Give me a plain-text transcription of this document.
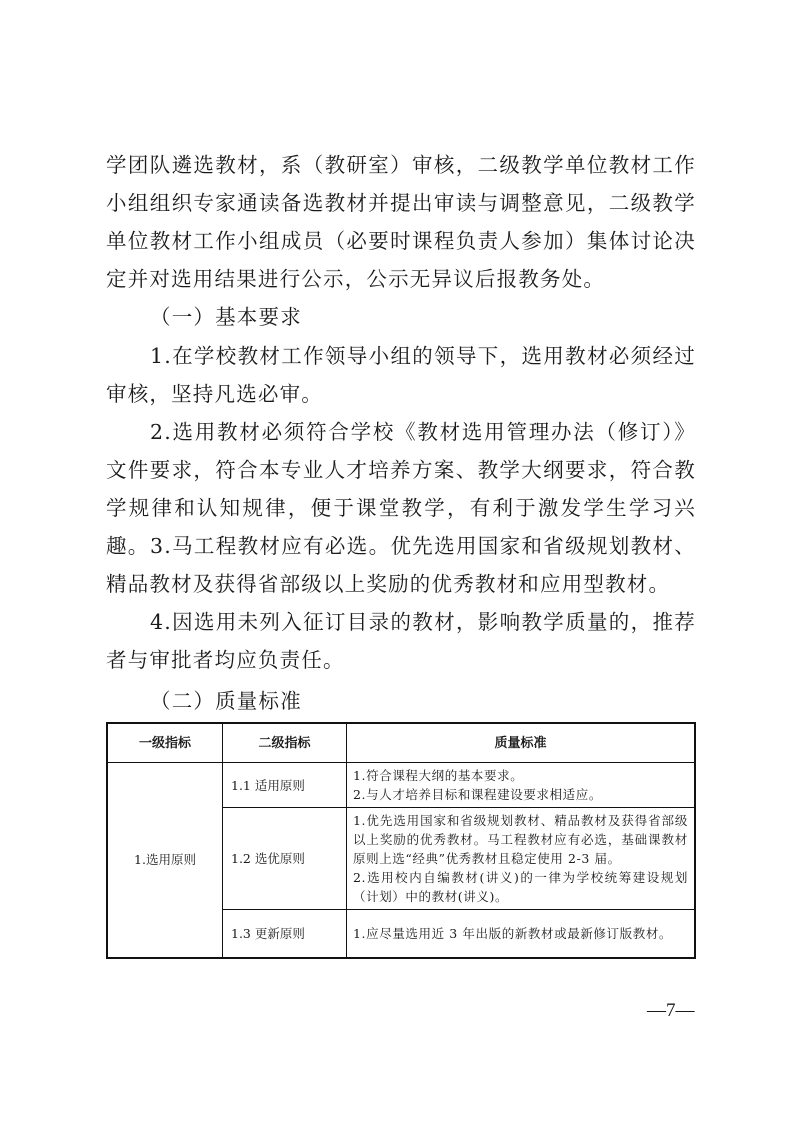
学团队遴选教材，系（教研室）审核，二级教学单位教材工作小组组织专家通读备选教材并提出审读与调整意见，二级教学单位教材工作小组成员（必要时课程负责人参加）集体讨论决定并对选用结果进行公示，公示无异议后报教务处。
（一）基本要求
1.在学校教材工作领导小组的领导下，选用教材必须经过审核，坚持凡选必审。
2.选用教材必须符合学校《教材选用管理办法（修订）》文件要求，符合本专业人才培养方案、教学大纲要求，符合教学规律和认知规律，便于课堂教学，有利于激发学生学习兴趣。 3.马工程教材应有必选。优先选用国家和省级规划教材、精品教材及获得省部级以上奖励的优秀教材和应用型教材。
4.因选用未列入征订目录的教材，影响教学质量的，推荐者与审批者均应负责任。
（二）质量标准
一级指标	二级指标	质量标准
1.选用原则	1.1 适用原则	1.符合课程大纲的基本要求。
2.与人才培养目标和课程建设要求相适应。

	1.2 选优原则	1.优先选用国家和省级规划教材、精品教材及获得省部级以上奖励的优秀教材。马工程教材应有必选，基础课教材原则上选“经典”优秀教材且稳定使用 2-3 届。
2.选用校内自编教材(讲义)的一律为学校统筹建设规划（计划）中的教材(讲义)。

	1.3 更新原则	1.应尽量选用近 3 年出版的新教材或最新修订版教材。
—7—
